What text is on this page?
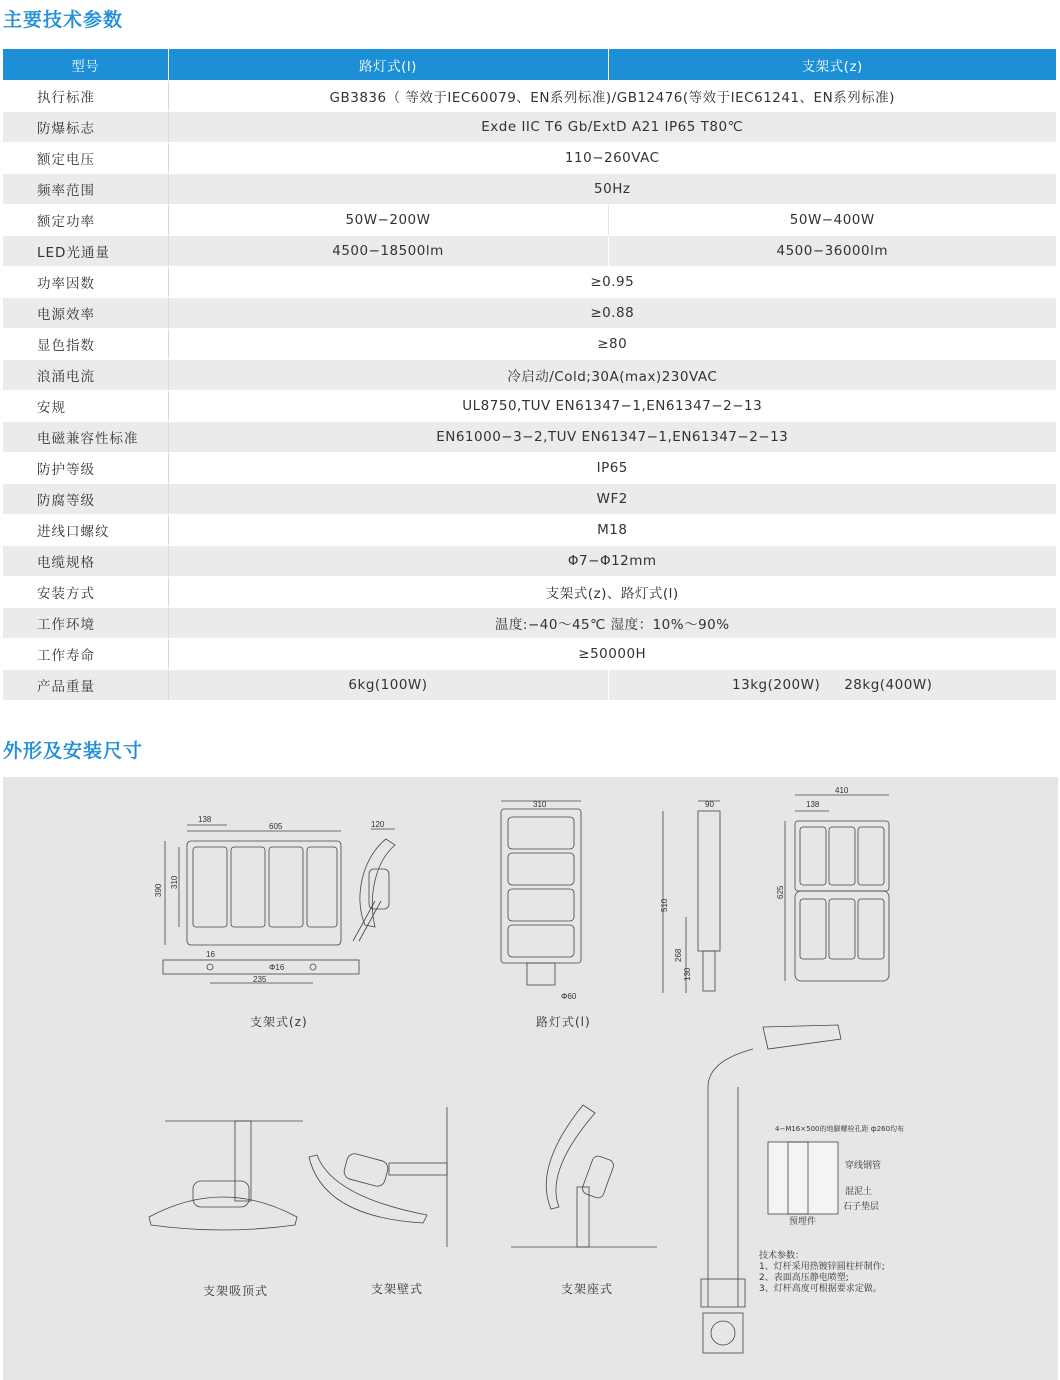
主要技术参数
型号	路灯式(l)	支架式(z)
执行标准	GB3836（ 等效于IEC60079、EN系列标准)/GB12476(等效于IEC61241、EN系列标准)	
防爆标志	Exde IIC T6 Gb/ExtD A21 IP65 T80℃	
额定电压	110−260VAC	
频率范围	50Hz	
额定功率	50W−200W	50W−400W
LED光通量	4500−18500lm	4500−36000lm
功率因数	≥0.95	
电源效率	≥0.88	
显色指数	≥80	
浪涌电流	冷启动/Cold;30A(max)230VAC	
安规	UL8750,TUV EN61347−1,EN61347−2−13	
电磁兼容性标准	EN61000−3−2,TUV EN61347−1,EN61347−2−13	
防护等级	IP65	
防腐等级	WF2	
进线口螺纹	M18	
电缆规格	Φ7−Φ12mm	
安装方式	支架式(z)、路灯式(l)	
工作环境	温度:−40～45℃ 湿度：10%～90%	
工作寿命	≥50000H	
产品重量	6kg(100W)	13kg(200W)     28kg(400W)
外形及安装尺寸
138
605	120
390
310
16
Φ16
235
310
Φ60
90
510
268
130
410
138
625
支架式(z)	路灯式(l)
支架吸顶式	支架壁式	支架座式
4−M16×500的地脚螺栓孔距 ф260均布
穿线钢管
混泥土
石子垫层
预埋件
技术参数：
1、灯杆采用热镀锌圆柱杆制作;
2、表面高压静电喷塑;
3、灯杆高度可根据要求定做。
